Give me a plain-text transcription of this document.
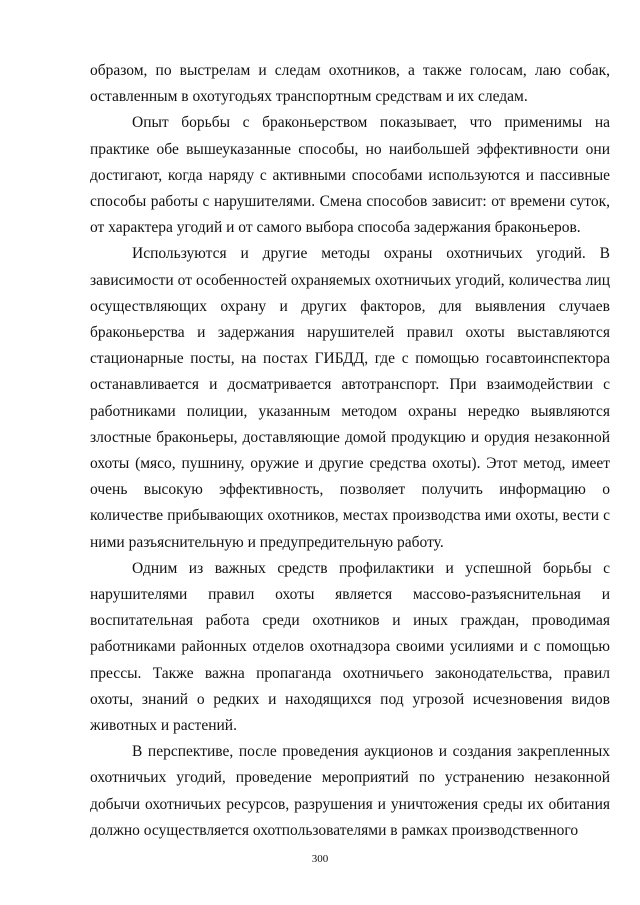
образом, по выстрелам и следам охотников, а также голосам, лаю собак, оставленным в охотугодьях транспортным средствам и их следам.

Опыт борьбы с браконьерством показывает, что применимы на практике обе вышеуказанные способы, но наибольшей эффективности они достигают, когда наряду с активными способами используются и пассивные способы работы с нарушителями. Смена способов зависит: от времени суток, от характера угодий и от самого выбора способа задержания браконьеров.

Используются и другие методы охраны охотничьих угодий. В зависимости от особенностей охраняемых охотничьих угодий, количества лиц осуществляющих охрану и других факторов, для выявления случаев браконьерства и задержания нарушителей правил охоты выставляются стационарные посты, на постах ГИБДД, где с помощью госавтоинспектора останавливается и досматривается автотранспорт. При взаимодействии с работниками полиции, указанным методом охраны нередко выявляются злостные браконьеры, доставляющие домой продукцию и орудия незаконной охоты (мясо, пушнину, оружие и другие средства охоты). Этот метод, имеет очень высокую эффективность, позволяет получить информацию о количестве прибывающих охотников, местах производства ими охоты, вести с ними разъяснительную и предупредительную работу.

Одним из важных средств профилактики и успешной борьбы с нарушителями правил охоты является массово-разъяснительная и воспитательная работа среди охотников и иных граждан, проводимая работниками районных отделов охотнадзора своими усилиями и с помощью прессы. Также важна пропаганда охотничьего законодательства, правил охоты, знаний о редких и находящихся под угрозой исчезновения видов животных и растений.

В перспективе, после проведения аукционов и создания закрепленных охотничьих угодий, проведение мероприятий по устранению незаконной добычи охотничьих ресурсов, разрушения и уничтожения среды их обитания должно осуществляется охотпользователями в рамках производственного

300
